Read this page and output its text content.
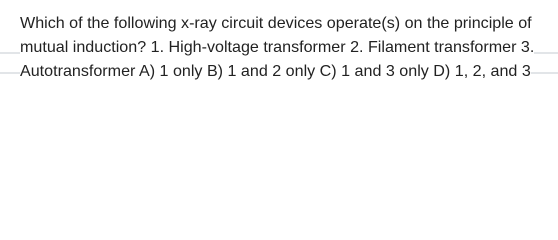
Which of the following x-ray circuit devices operate(s) on the principle of mutual induction? 1. High-voltage transformer 2. Filament transformer 3. Autotransformer A) 1 only B) 1 and 2 only C) 1 and 3 only D) 1, 2, and 3
